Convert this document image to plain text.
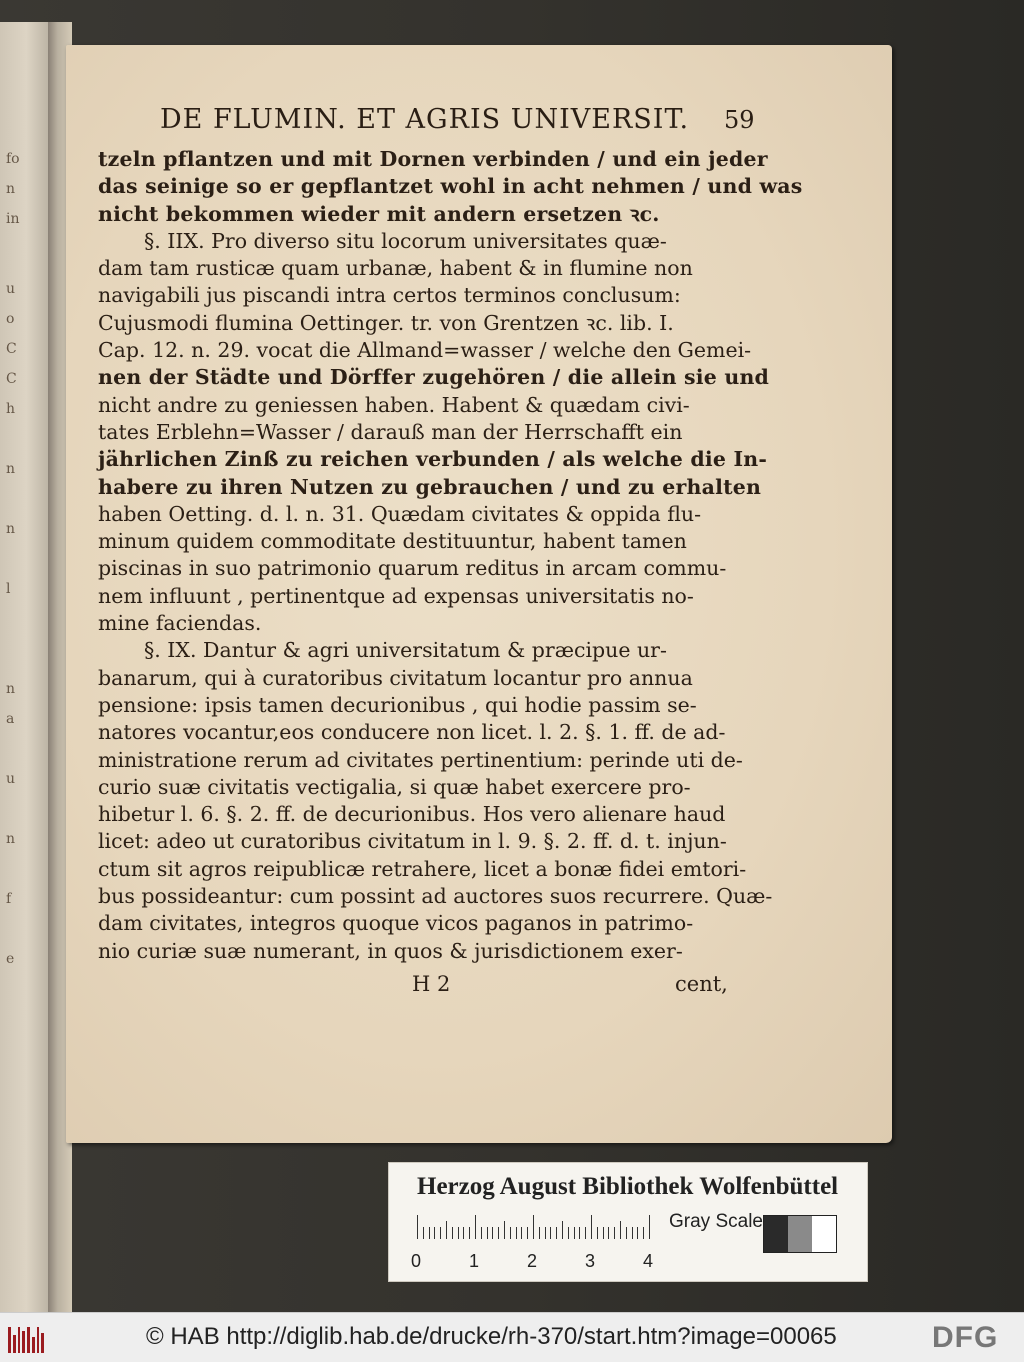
fo
n
in
u
o
C
C
h
n
n
l
n
a
u
n
f
e
DE FLUMIN. ET AGRIS UNIVERSIT.	59
tzeln pflantzen und mit Dornen verbinden / und ein jeder
das seinige so er gepflantzet wohl in acht nehmen / und was
nicht bekommen wieder mit andern ersetzen ꝛc.
§. IIX. Pro diverso situ locorum universitates quæ-
dam tam rusticæ quam urbanæ, habent & in flumine non
navigabili jus piscandi intra certos terminos conclusum:
Cujusmodi flumina Oettinger. tr. von Grentzen ꝛc. lib. I.
Cap. 12. n. 29. vocat die Allmand=wasser / welche den Gemei-
nen der Städte und Dörffer zugehören / die allein sie und
nicht andre zu geniessen haben. Habent & quædam civi-
tates Erblehn=Wasser / darauß man der Herrschafft ein
jährlichen Zinß zu reichen verbunden / als welche die In-
habere zu ihren Nutzen zu gebrauchen / und zu erhalten
haben Oetting. d. l. n. 31. Quædam civitates & oppida flu-
minum quidem commoditate destituuntur, habent tamen
piscinas in suo patrimonio quarum reditus in arcam commu-
nem influunt , pertinentque ad expensas universitatis no-
mine faciendas.
§. IX. Dantur & agri universitatum & præcipue ur-
banarum, qui à curatoribus civitatum locantur pro annua
pensione: ipsis tamen decurionibus , qui hodie passim se-
natores vocantur,eos conducere non licet. l. 2. §. 1. ff. de ad-
ministratione rerum ad civitates pertinentium: perinde uti de-
curio suæ civitatis vectigalia, si quæ habet exercere pro-
hibetur l. 6. §. 2. ff. de decurionibus. Hos vero alienare haud
licet: adeo ut curatoribus civitatum in l. 9. §. 2. ff. d. t. injun-
ctum sit agros reipublicæ retrahere, licet a bonæ fidei emtori-
bus possideantur: cum possint ad auctores suos recurrere. Quæ-
dam civitates, integros quoque vicos paganos in patrimo-
nio curiæ suæ numerant, in quos & jurisdictionem exer-
H 2	cent,
Herzog August Bibliothek Wolfenbüttel
0	1	2	3	4
Gray Scale
© HAB http://diglib.hab.de/drucke/rh-370/start.htm?image=00065	DFG
